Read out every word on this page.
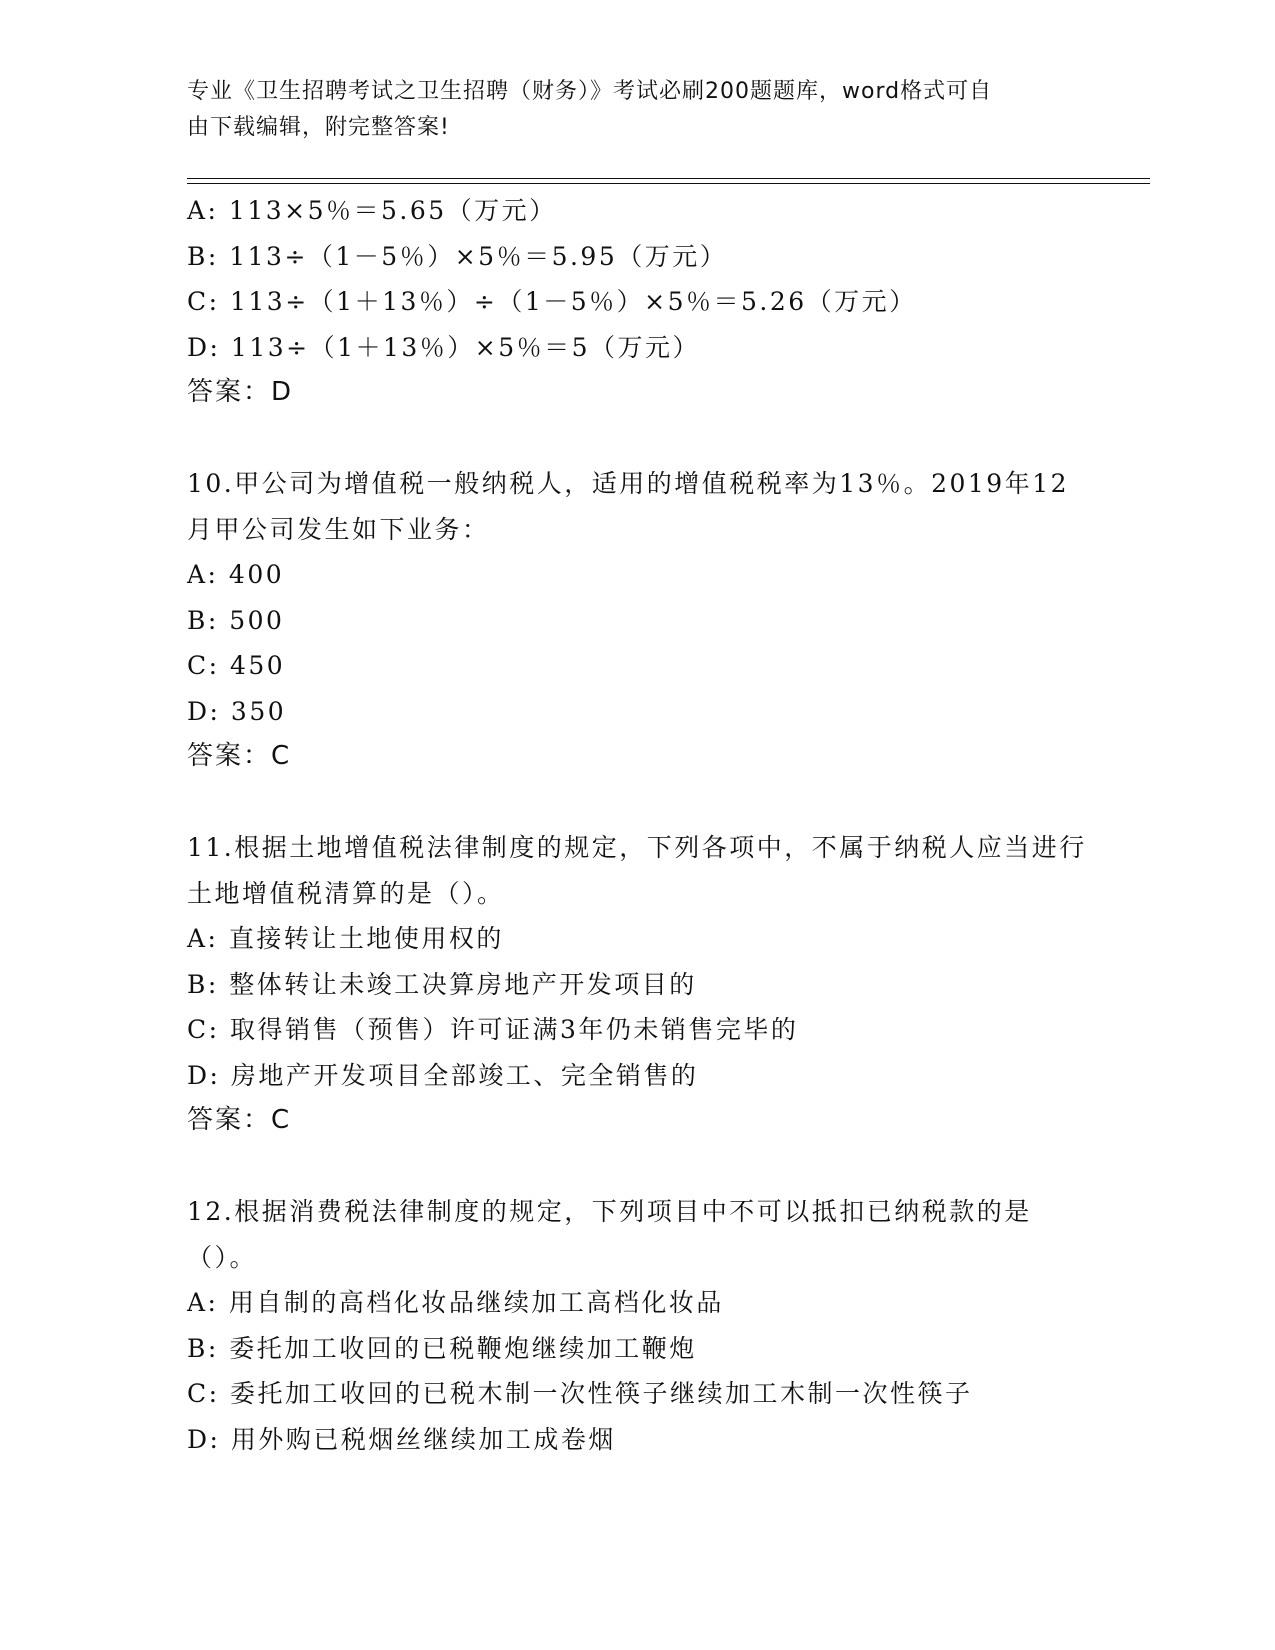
专业《卫生招聘考试之卫生招聘（财务）》考试必刷200题题库，word格式可自
由下载编辑，附完整答案!
A: 113×5％＝5.65（万元）
B: 113÷（1－5％）×5％＝5.95（万元）
C: 113÷（1＋13％）÷（1－5％）×5％＝5.26（万元）
D: 113÷（1＋13％）×5％＝5（万元）
答案：D
10.甲公司为增值税一般纳税人，适用的增值税税率为13％。2019年12月甲公司发生如下业务：
A: 400
B: 500
C: 450
D: 350
答案：C
11.根据土地增值税法律制度的规定，下列各项中，不属于纳税人应当进行土地增值税清算的是（）。
A: 直接转让土地使用权的
B: 整体转让未竣工决算房地产开发项目的
C: 取得销售（预售）许可证满3年仍未销售完毕的
D: 房地产开发项目全部竣工、完全销售的
答案：C
12.根据消费税法律制度的规定，下列项目中不可以抵扣已纳税款的是（）。
A: 用自制的高档化妆品继续加工高档化妆品
B: 委托加工收回的已税鞭炮继续加工鞭炮
C: 委托加工收回的已税木制一次性筷子继续加工木制一次性筷子
D: 用外购已税烟丝继续加工成卷烟
